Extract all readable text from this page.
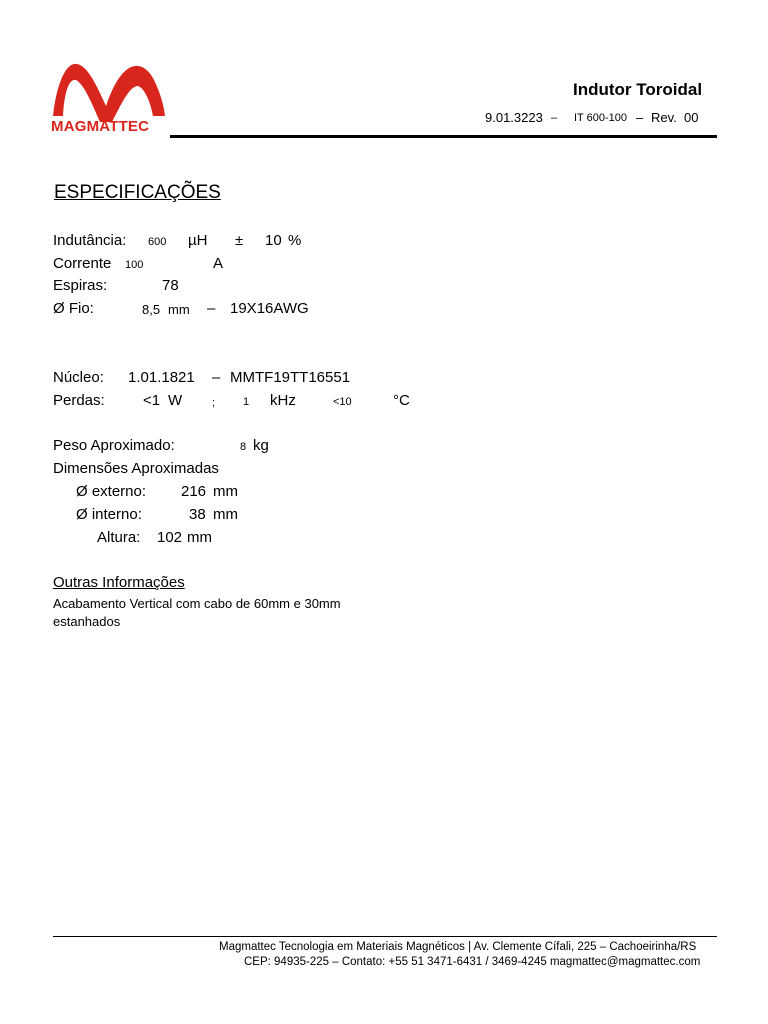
MAGMATTEC
Indutor Toroidal
9.01.3223 – IT 600-100 – Rev. 00
ESPECIFICAÇÕES
Indutância: 600 µH ± 10 %
Corrente 100	A
Espiras:	78
Ø Fio:	8,5 mm – 19X16AWG
Núcleo: 1.01.1821 – MMTF19TT16551
Perdas:	<1 W	;	1 kHz	<10	°C
Peso Aproximado:	8 kg
Dimensões Aproximadas
Ø externo: 216 mm
Ø interno:	38 mm
Altura: 102 mm
Outras Informações
Acabamento Vertical com cabo de 60mm e 30mm
estanhados
Magmattec Tecnologia em Materiais Magnéticos | Av. Clemente Cífali, 225 – Cachoeirinha/RS
CEP: 94935-225 – Contato: +55 51 3471-6431 / 3469-4245 magmattec@magmattec.com
